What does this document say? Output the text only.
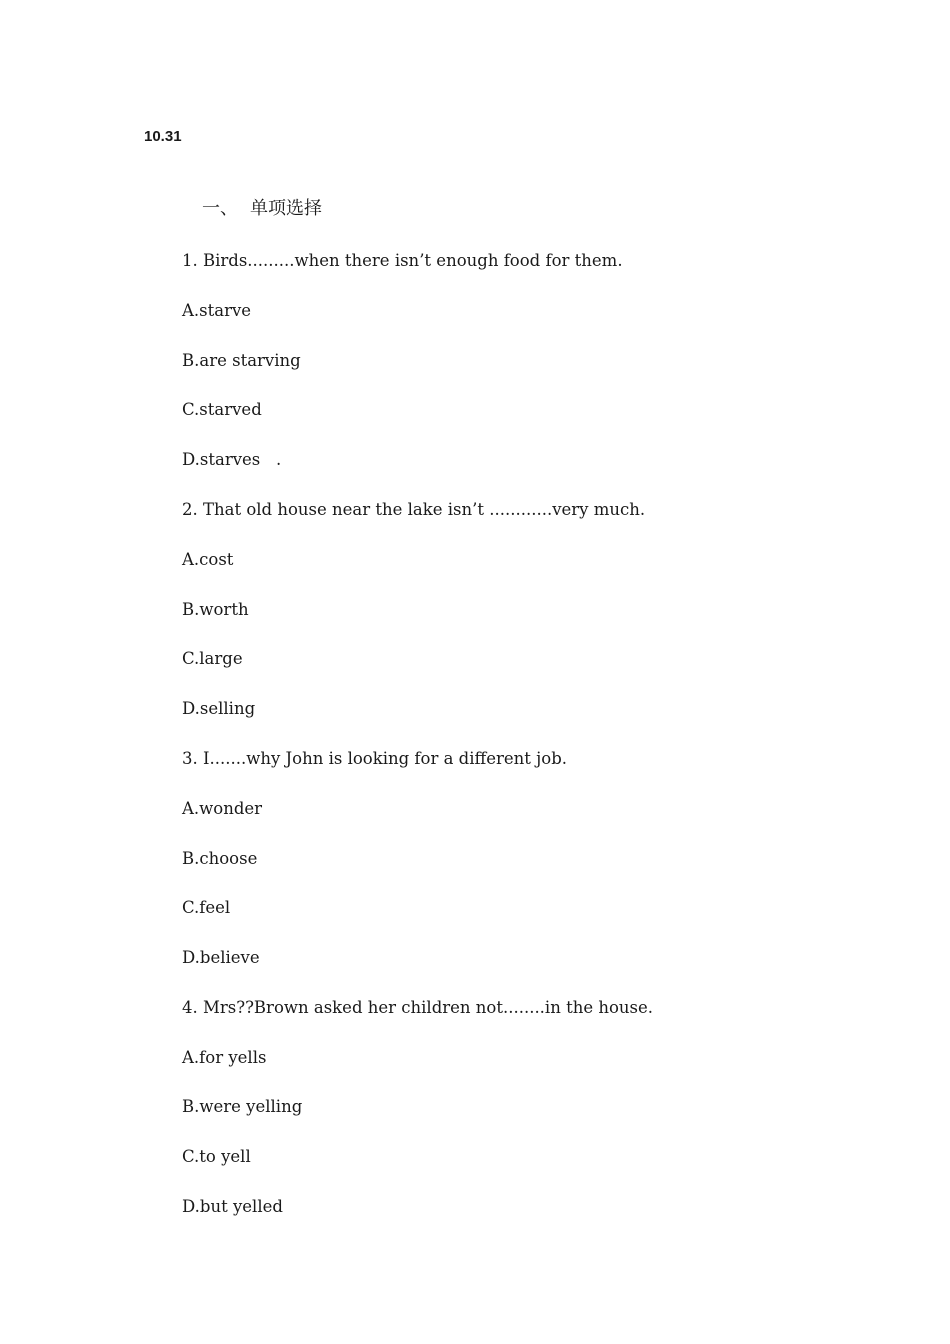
10.31

一、 单项选择

1. Birds.........when there isn’t enough food for them.

A.starve

B.are starving

C.starved

D.starves   .

2. That old house near the lake isn’t ............very much.

A.cost

B.worth

C.large

D.selling

3. I.......why John is looking for a different job.

A.wonder

B.choose

C.feel

D.believe

4. Mrs??Brown asked her children not........in the house.

A.for yells

B.were yelling

C.to yell

D.but yelled
